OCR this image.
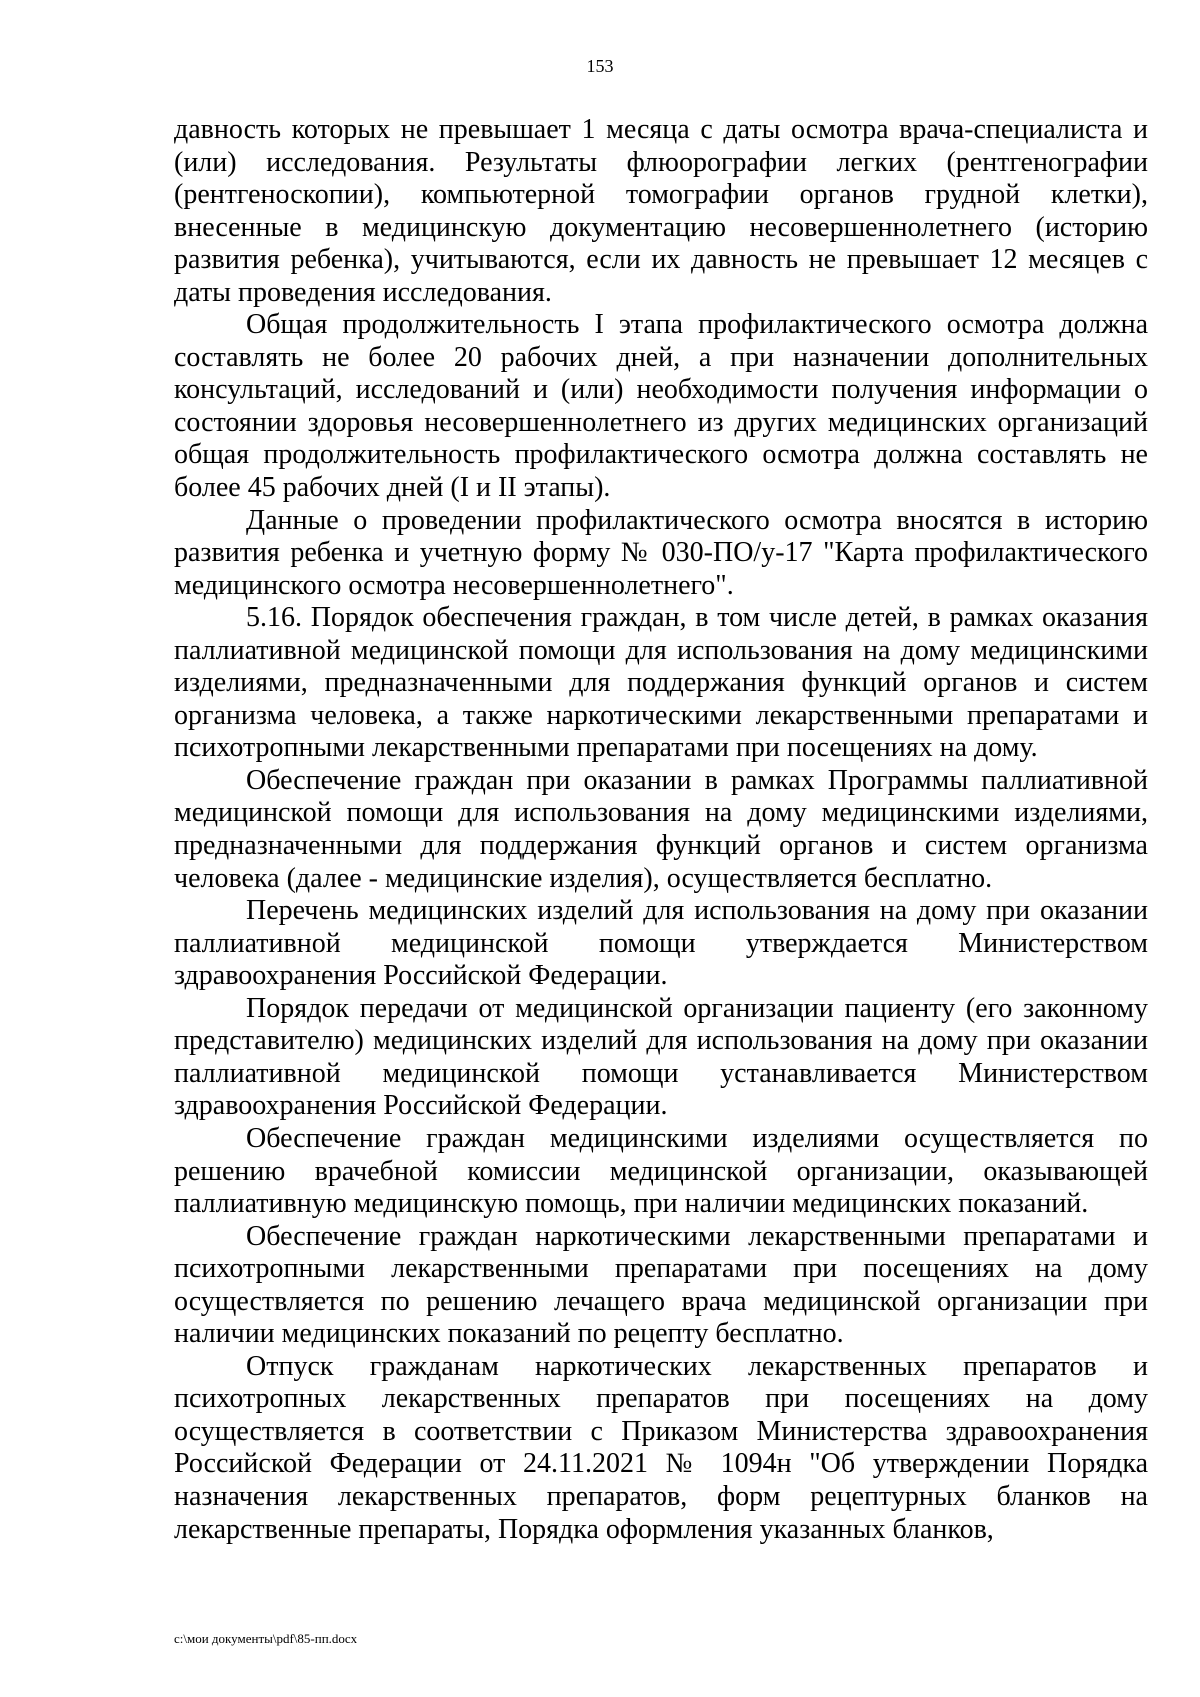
153

давность которых не превышает 1 месяца с даты осмотра врача-специалиста и (или) исследования. Результаты флюорографии легких (рентгенографии (рентгеноскопии), компьютерной томографии органов грудной клетки), внесенные в медицинскую документацию несовершеннолетнего (историю развития ребенка), учитываются, если их давность не превышает 12 месяцев с даты проведения исследования.

Общая продолжительность I этапа профилактического осмотра должна составлять не более 20 рабочих дней, а при назначении дополнительных консультаций, исследований и (или) необходимости получения информации о состоянии здоровья несовершеннолетнего из других медицинских организаций общая продолжительность профилактического осмотра должна составлять не более 45 рабочих дней (I и II этапы).

Данные о проведении профилактического осмотра вносятся в историю развития ребенка и учетную форму № 030-ПО/у-17 "Карта профилактического медицинского осмотра несовершеннолетнего".

5.16. Порядок обеспечения граждан, в том числе детей, в рамках оказания паллиативной медицинской помощи для использования на дому медицинскими изделиями, предназначенными для поддержания функций органов и систем организма человека, а также наркотическими лекарственными препаратами и психотропными лекарственными препаратами при посещениях на дому.

Обеспечение граждан при оказании в рамках Программы паллиативной медицинской помощи для использования на дому медицинскими изделиями, предназначенными для поддержания функций органов и систем организма человека (далее - медицинские изделия), осуществляется бесплатно.

Перечень медицинских изделий для использования на дому при оказании паллиативной медицинской помощи утверждается Министерством здравоохранения Российской Федерации.

Порядок передачи от медицинской организации пациенту (его законному представителю) медицинских изделий для использования на дому при оказании паллиативной медицинской помощи устанавливается Министерством здравоохранения Российской Федерации.

Обеспечение граждан медицинскими изделиями осуществляется по решению врачебной комиссии медицинской организации, оказывающей паллиативную медицинскую помощь, при наличии медицинских показаний.

Обеспечение граждан наркотическими лекарственными препаратами и психотропными лекарственными препаратами при посещениях на дому осуществляется по решению лечащего врача медицинской организации при наличии медицинских показаний по рецепту бесплатно.

Отпуск гражданам наркотических лекарственных препаратов и психотропных лекарственных препаратов при посещениях на дому осуществляется в соответствии с Приказом Министерства здравоохранения Российской Федерации от 24.11.2021 № 1094н "Об утверждении Порядка назначения лекарственных препаратов, форм рецептурных бланков на лекарственные препараты, Порядка оформления указанных бланков,

c:\мои документы\pdf\85-пп.docx
